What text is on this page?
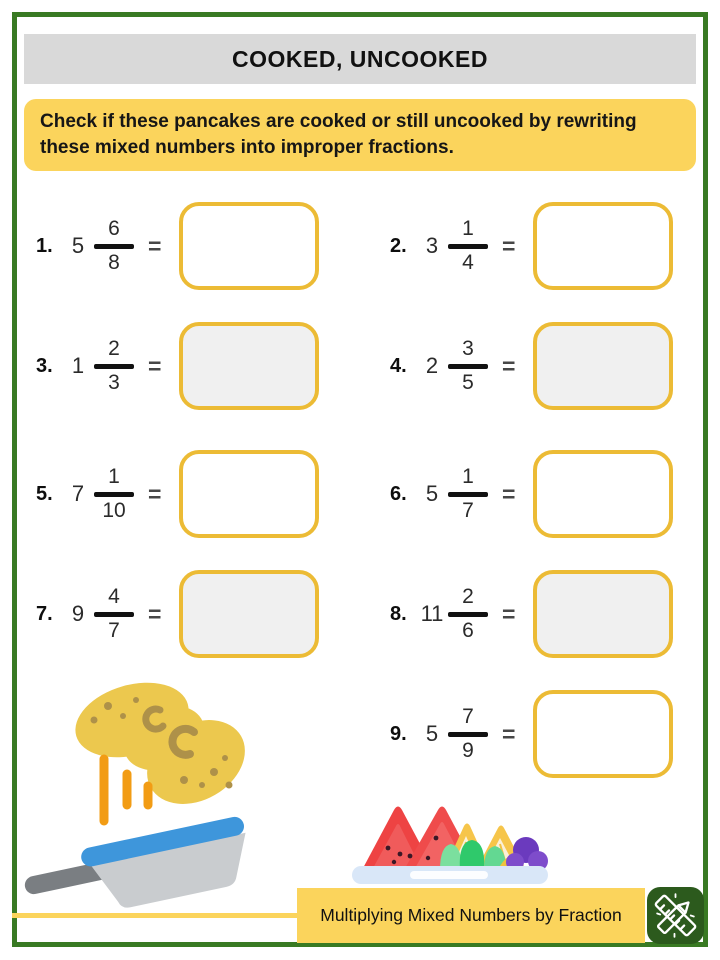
COOKED, UNCOOKED
Check if these pancakes are cooked or still uncooked by rewriting these mixed numbers into improper fractions.
1. 5
6
8
=	2. 3
1
4
=
3. 1
2
3
=	4. 2
3
5
=
5. 7
1
10
=	6. 5
1
7
=
7. 9
4
7
=	8. 11
2
6
=
9. 5
7
9
=
Multiplying Mixed Numbers by Fraction
